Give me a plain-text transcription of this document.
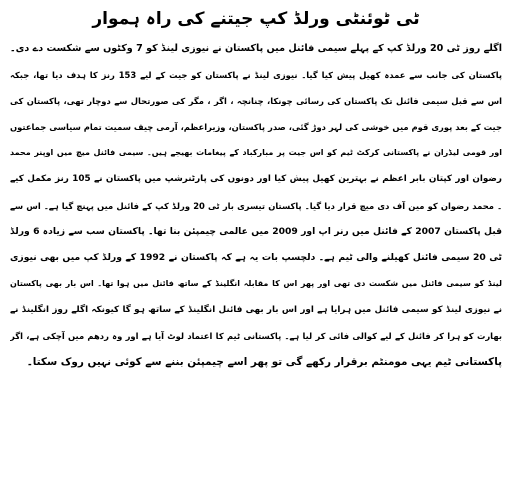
ٹی ٹوئنٹی ورلڈ کپ جیتنے کی راہ ہموار
اگلے روز ٹی 20 ورلڈ کپ کے پہلے سیمی فائنل میں پاکستان نے نیوزی لینڈ کو 7 وکٹوں سے شکست دے دی۔
پاکستان کی جانب سے عمدہ کھیل پیش کیا گیا۔ نیوزی لینڈ نے پاکستان کو جیت کے لیے 153 رنز کا ہدف دیا تھا، جبکہ
اس سے قبل سیمی فائنل تک پاکستان کی رسائی چونکا، چنانچہ ، اگر ، مگر کی صورتحال سے دوچار تھی، پاکستان کی
جیت کے بعد پوری قوم میں خوشی کی لہر دوڑ گئی، صدر پاکستان، وزیراعظم، آرمی چیف سمیت تمام سیاسی جماعتوں
اور قومی لیڈران نے پاکستانی کرکٹ ٹیم کو اس جیت پر مبارکباد کے پیغامات بھیجے ہیں۔ سیمی فائنل میچ میں اوپنر محمد
رضوان اور کپتان بابر اعظم نے بہترین کھیل پیش کیا اور دونوں کی پارٹنرشپ میں پاکستان نے 105 رنز مکمل کیے
۔ محمد رضوان کو مین آف دی میچ قرار دیا گیا۔ پاکستان تیسری بار ٹی 20 ورلڈ کپ کے فائنل میں پہنچ گیا ہے۔ اس سے
قبل پاکستان 2007 کے فائنل میں رنر اپ اور 2009 میں عالمی چیمپئن بنا تھا۔ پاکستان سب سے زیادہ 6 ورلڈ
ٹی 20 سیمی فائنل کھیلنے والی ٹیم ہے۔ دلچسپ بات یہ ہے کہ پاکستان نے 1992 کے ورلڈ کپ میں بھی نیوزی
لینڈ کو سیمی فائنل میں شکست دی تھی اور پھر اس کا مقابلہ انگلینڈ کے ساتھ فائنل میں ہوا تھا۔ اس بار بھی پاکستان
نے نیوزی لینڈ کو سیمی فائنل میں ہرایا ہے اور اس بار بھی فائنل انگلینڈ کے ساتھ ہو گا کیونکہ اگلے روز انگلینڈ نے
بھارت کو ہرا کر فائنل کے لیے کوالی فائی کر لیا ہے۔ پاکستانی ٹیم کا اعتماد لوٹ آیا ہے اور وہ ردھم میں آچکی ہے، اگر
پاکستانی ٹیم یہی مومنٹم برقرار رکھے گی تو پھر اسے چیمپئن بننے سے کوئی نہیں روک سکتا۔
